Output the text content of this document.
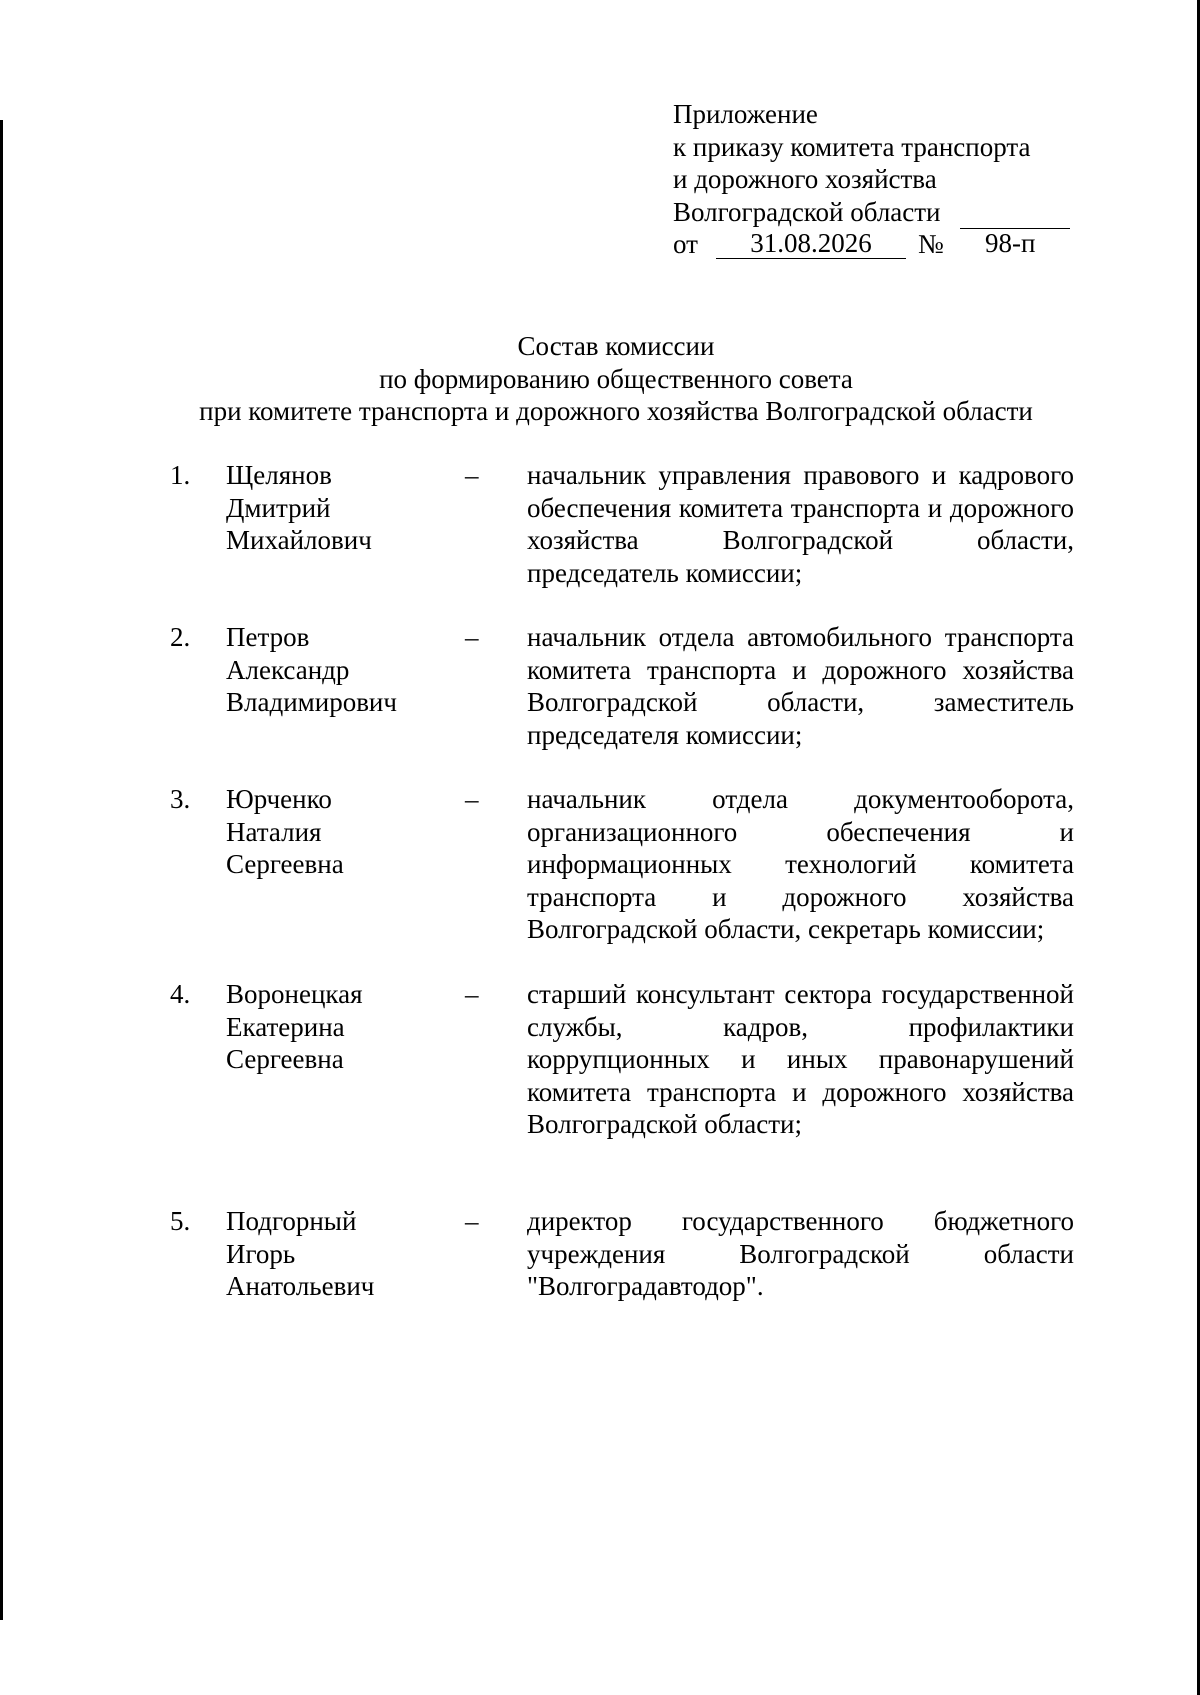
Приложение
к приказу комитета транспорта
и дорожного хозяйства
Волгоградской области
от	31.08.2026	№ 98-п
Состав комиссии
по формированию общественного совета
при комитете транспорта и дорожного хозяйства Волгоградской области
1. Щелянов
Дмитрий
Михайлович
– начальник управления правового и кадрового обеспечения комитета транспорта и дорожного хозяйства Волгоградской области, председатель комиссии;
2. Петров
Александр
Владимирович
– начальник отдела автомобильного транспорта комитета транспорта и дорожного хозяйства Волгоградской области, заместитель председателя комиссии;
3. Юрченко
Наталия
Сергеевна
– начальник отдела документооборота, организационного обеспечения и информационных технологий комитета транспорта и дорожного хозяйства Волгоградской области, секретарь комиссии;
4. Воронецкая
Екатерина
Сергеевна
– старший консультант сектора государственной службы, кадров, профилактики коррупционных и иных правонарушений комитета транспорта и дорожного хозяйства Волгоградской области;
5. Подгорный
Игорь
Анатольевич
– директор государственного бюджетного учреждения Волгоградской области "Волгоградавтодор".
